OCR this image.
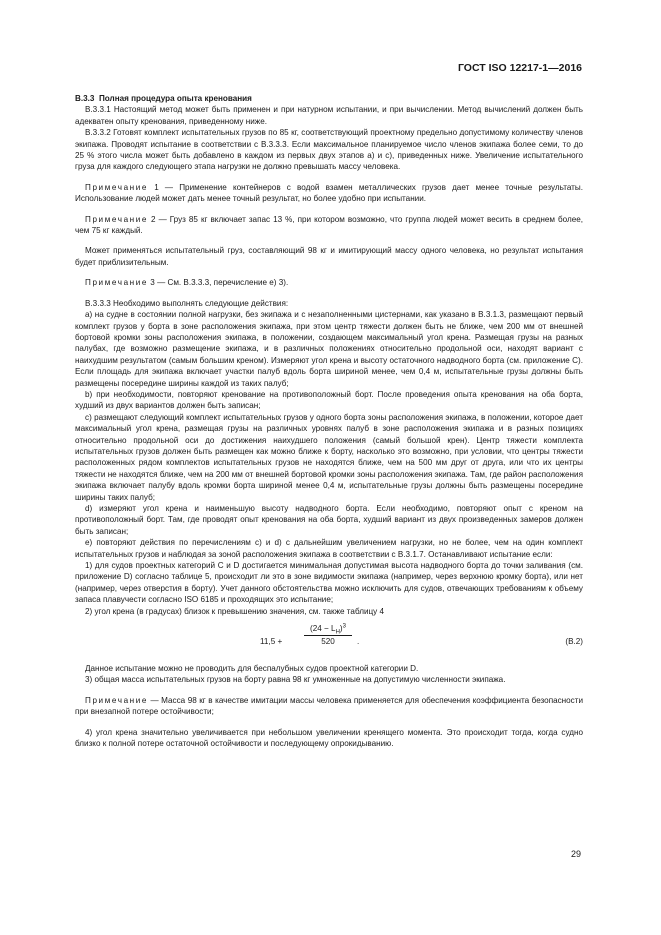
ГОСТ ISO 12217-1—2016

B.3.3 Полная процедура опыта кренования

B.3.3.1 Настоящий метод может быть применен и при натурном испытании, и при вычислении. Метод вычислений должен быть адекватен опыту кренования, приведенному ниже.

B.3.3.2 Готовят комплект испытательных грузов по 85 кг, соответствующий проектному предельно допустимому количеству членов экипажа. Проводят испытание в соответствии с B.3.3.3. Если максимальное планируемое число членов экипажа более семи, то до 25 % этого числа может быть добавлено в каждом из первых двух этапов а) и с), приведенных ниже. Увеличение испытательного груза для каждого следующего этапа нагрузки не должно превышать массу человека.

Примечание 1 — Применение контейнеров с водой взамен металлических грузов дает менее точные результаты. Использование людей может дать менее точный результат, но более удобно при испытании.

Примечание 2 — Груз 85 кг включает запас 13 %, при котором возможно, что группа людей может весить в среднем более, чем 75 кг каждый.

Может применяться испытательный груз, составляющий 98 кг и имитирующий массу одного человека, но результат испытания будет приблизительным.

Примечание 3 — См. B.3.3.3, перечисление е) 3).

B.3.3.3 Необходимо выполнять следующие действия:

а) на судне в состоянии полной нагрузки, без экипажа и с незаполненными цистернами, как указано в B.3.1.3, размещают первый комплект грузов у борта в зоне расположения экипажа, при этом центр тяжести должен быть не ближе, чем 200 мм от внешней бортовой кромки зоны расположения экипажа, в положении, создающем максимальный угол крена. Размещая грузы на разных палубах, где возможно размещение экипажа, и в различных положениях относительно продольной оси, находят вариант с наихудшим результатом (самым большим креном). Измеряют угол крена и высоту остаточного надводного борта (см. приложение С). Если площадь для экипажа включает участки палуб вдоль борта шириной менее, чем 0,4 м, испытательные грузы должны быть размещены посередине ширины каждой из таких палуб;

b) при необходимости, повторяют кренование на противоположный борт. После проведения опыта кренования на оба борта, худший из двух вариантов должен быть записан;

с) размещают следующий комплект испытательных грузов у одного борта зоны расположения экипажа, в положении, которое дает максимальный угол крена, размещая грузы на различных уровнях палуб в зоне расположения экипажа и в разных позициях относительно продольной оси до достижения наихудшего положения (самый большой крен). Центр тяжести комплекта испытательных грузов должен быть размещен как можно ближе к борту, насколько это возможно, при условии, что центры тяжести расположенных рядом комплектов испытательных грузов не находятся ближе, чем на 500 мм друг от друга, или что их центры тяжести не находятся ближе, чем на 200 мм от внешней бортовой кромки зоны расположения экипажа. Там, где район расположения экипажа включает палубу вдоль кромки борта шириной менее 0,4 м, испытательные грузы должны быть размещены посередине ширины таких палуб;

d) измеряют угол крена и наименьшую высоту надводного борта. Если необходимо, повторяют опыт с креном на противоположный борт. Там, где проводят опыт кренования на оба борта, худший вариант из двух произведенных замеров должен быть записан;

е) повторяют действия по перечислениям с) и d) с дальнейшим увеличением нагрузки, но не более, чем на один комплект испытательных грузов и наблюдая за зоной расположения экипажа в соответствии с B.3.1.7. Останавливают испытание если:

1) для судов проектных категорий С и D достигается минимальная допустимая высота надводного борта до точки заливания (см. приложение D) согласно таблице 5, происходит ли это в зоне видимости экипажа (например, через верхнюю кромку борта), или нет (например, через отверстия в борту). Учет данного обстоятельства можно исключить для судов, отвечающих требованиям к объему запаса плавучести согласно ISO 6185 и проходящих это испытание;

2) угол крена (в градусах) близок к превышению значения, см. также таблицу 4

11,5 +	$\frac{(24 - L_H)^3}{520}$ .	(B.2)

Данное испытание можно не проводить для беспалубных судов проектной категории D.

3) общая масса испытательных грузов на борту равна 98 кг умноженные на допустимую численности экипажа.

Примечание — Масса 98 кг в качестве имитации массы человека применяется для обеспечения коэффициента безопасности при внезапной потере остойчивости;

4) угол крена значительно увеличивается при небольшом увеличении кренящего момента. Это происходит тогда, когда судно близко к полной потере остаточной остойчивости и последующему опрокидыванию.

29
